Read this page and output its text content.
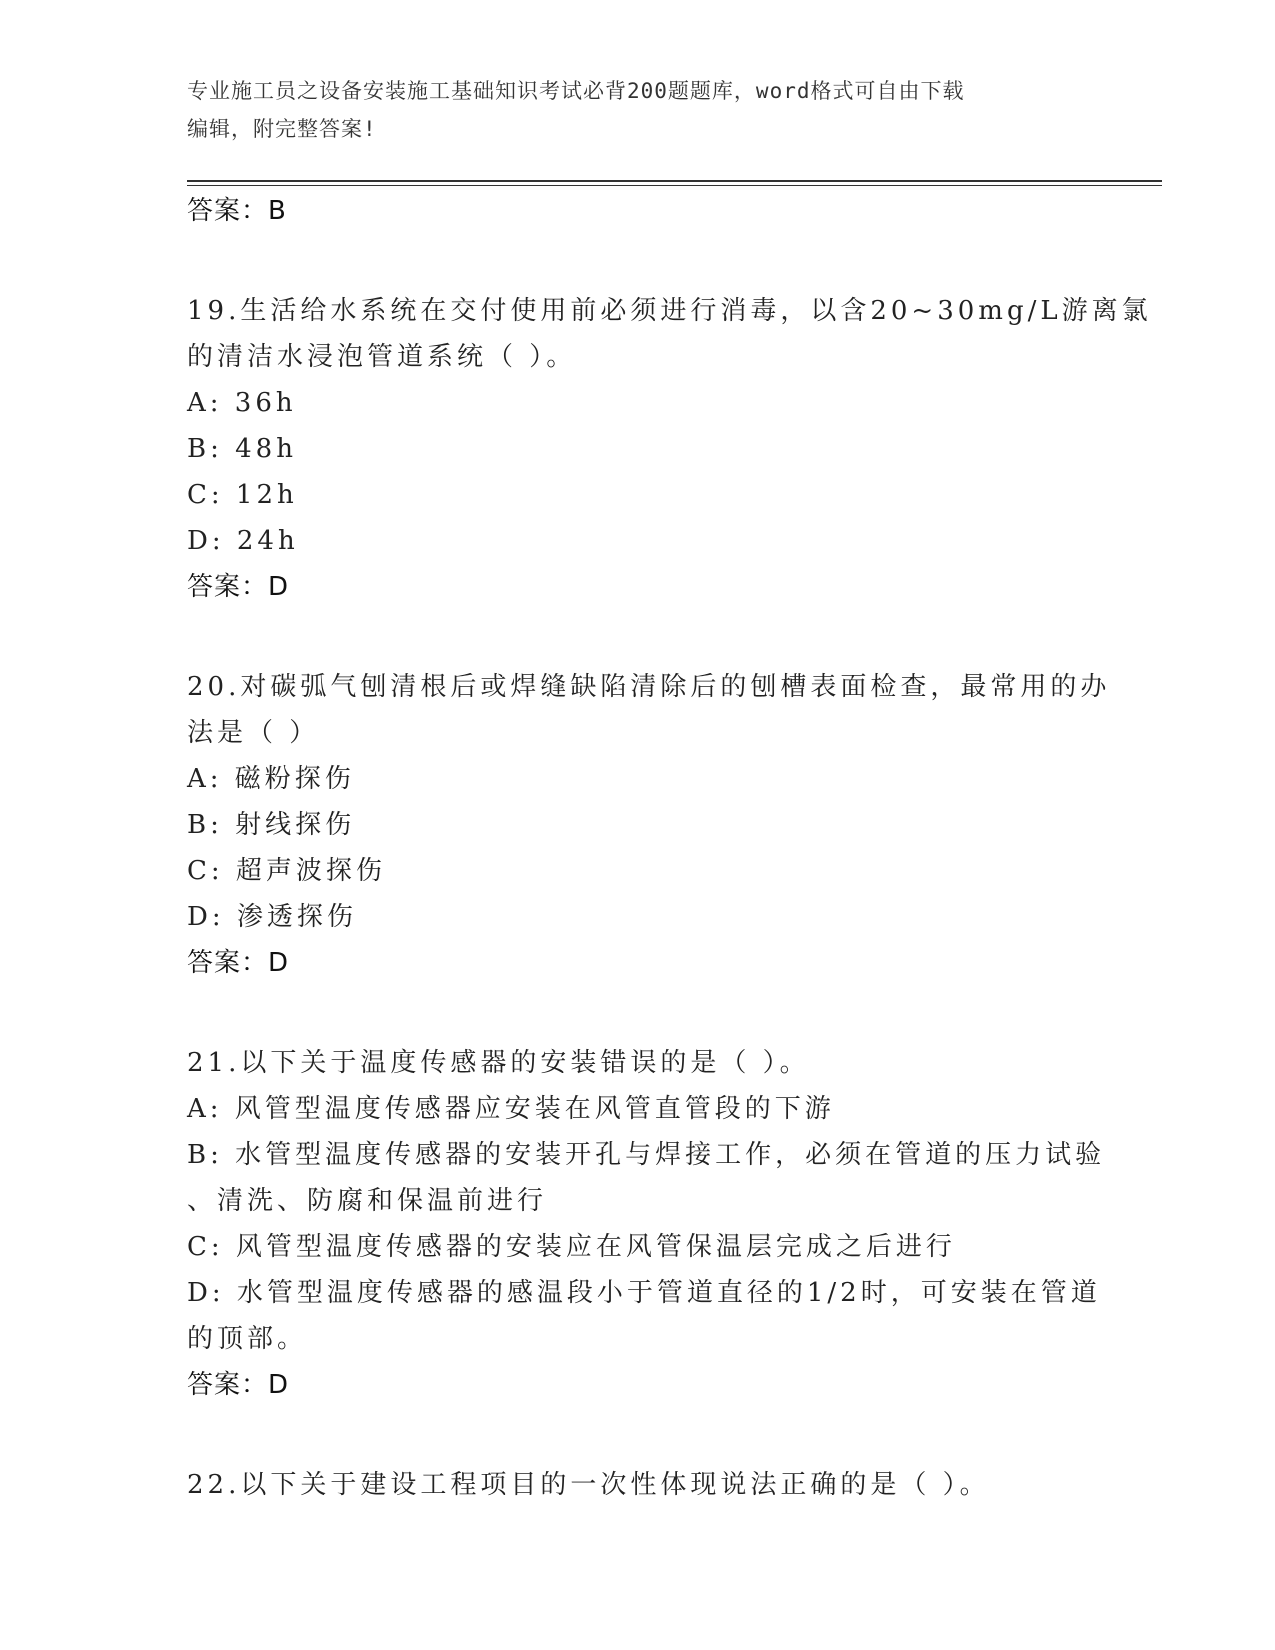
专业施工员之设备安装施工基础知识考试必背200题题库，word格式可自由下载
编辑，附完整答案!
答案：B
19.生活给水系统在交付使用前必须进行消毒，以含20~30mg/L游离氯
的清洁水浸泡管道系统（ ）。
A: 36h
B: 48h
C: 12h
D: 24h
答案：D
20.对碳弧气刨清根后或焊缝缺陷清除后的刨槽表面检查，最常用的办
法是（ ）
A: 磁粉探伤
B: 射线探伤
C: 超声波探伤
D: 渗透探伤
答案：D
21.以下关于温度传感器的安装错误的是（ ）。
A: 风管型温度传感器应安装在风管直管段的下游
B: 水管型温度传感器的安装开孔与焊接工作，必须在管道的压力试验
、清洗、防腐和保温前进行
C: 风管型温度传感器的安装应在风管保温层完成之后进行
D: 水管型温度传感器的感温段小于管道直径的1/2时，可安装在管道
的顶部。
答案：D
22.以下关于建设工程项目的一次性体现说法正确的是（ ）。
